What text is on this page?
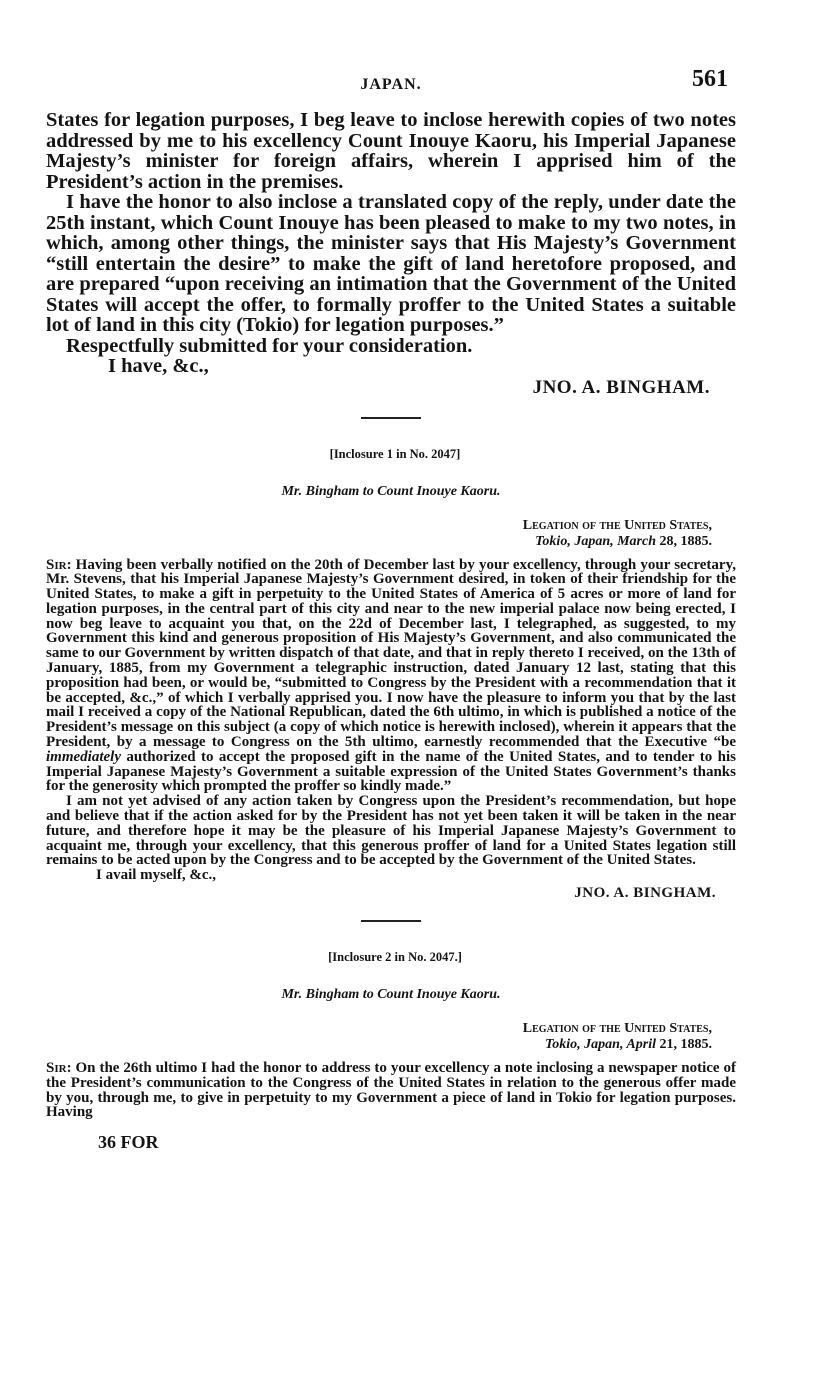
JAPAN.	561

States for legation purposes, I beg leave to inclose herewith copies of two notes addressed by me to his excellency Count Inouye Kaoru, his Imperial Japanese Majesty’s minister for foreign affairs, wherein I apprised him of the President’s action in the premises.

I have the honor to also inclose a translated copy of the reply, under date the 25th instant, which Count Inouye has been pleased to make to my two notes, in which, among other things, the minister says that His Majesty’s Government “still entertain the desire” to make the gift of land heretofore proposed, and are prepared “upon receiving an intimation that the Government of the United States will accept the offer, to formally proffer to the United States a suitable lot of land in this city (Tokio) for legation purposes.”

Respectfully submitted for your consideration.

I have, &c.,

JNO. A. BINGHAM.
[Inclosure 1 in No. 2047]
Mr. Bingham to Count Inouye Kaoru.
Legation of the United States,
Tokio, Japan, March 28, 1885.

Sir: Having been verbally notified on the 20th of December last by your excellency, through your secretary, Mr. Stevens, that his Imperial Japanese Majesty’s Government desired, in token of their friendship for the United States, to make a gift in perpetuity to the United States of America of 5 acres or more of land for legation purposes, in the central part of this city and near to the new imperial palace now being erected, I now beg leave to acquaint you that, on the 22d of December last, I telegraphed, as suggested, to my Government this kind and generous proposition of His Majesty’s Government, and also communicated the same to our Government by written dispatch of that date, and that in reply thereto I received, on the 13th of January, 1885, from my Government a telegraphic instruction, dated January 12 last, stating that this proposition had been, or would be, “submitted to Congress by the President with a recommendation that it be accepted, &c.,” of which I verbally apprised you. I now have the pleasure to inform you that by the last mail I received a copy of the National Republican, dated the 6th ultimo, in which is published a notice of the President’s message on this subject (a copy of which notice is herewith inclosed), wherein it appears that the President, by a message to Congress on the 5th ultimo, earnestly recommended that the Executive “be immediately authorized to accept the proposed gift in the name of the United States, and to tender to his Imperial Japanese Majesty’s Government a suitable expression of the United States Government’s thanks for the generosity which prompted the proffer so kindly made.”

I am not yet advised of any action taken by Congress upon the President’s recommendation, but hope and believe that if the action asked for by the President has not yet been taken it will be taken in the near future, and therefore hope it may be the pleasure of his Imperial Japanese Majesty’s Government to acquaint me, through your excellency, that this generous proffer of land for a United States legation still remains to be acted upon by the Congress and to be accepted by the Government of the United States.

I avail myself, &c.,

JNO. A. BINGHAM.
[Inclosure 2 in No. 2047.]
Mr. Bingham to Count Inouye Kaoru.
Legation of the United States,
Tokio, Japan, April 21, 1885.

Sir: On the 26th ultimo I had the honor to address to your excellency a note inclosing a newspaper notice of the President’s communication to the Congress of the United States in relation to the generous offer made by you, through me, to give in perpetuity to my Government a piece of land in Tokio for legation purposes. Having

36 FOR
